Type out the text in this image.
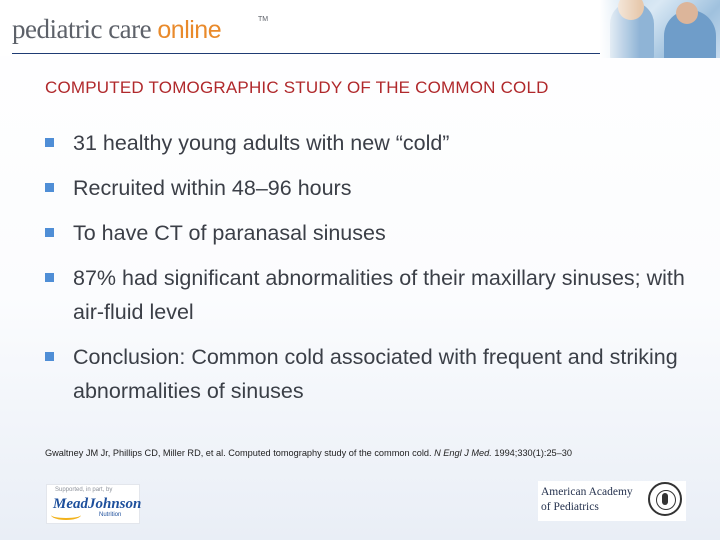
pediatric care online	TM
COMPUTED TOMOGRAPHIC STUDY OF THE COMMON COLD
31 healthy young adults with new “cold”
Recruited within 48–96 hours
To have CT of paranasal sinuses
87% had significant abnormalities of their maxillary sinuses; with air-fluid level
Conclusion: Common cold associated with frequent and striking abnormalities of sinuses
Gwaltney JM Jr, Phillips CD, Miller RD, et al. Computed tomography study of the common cold. N Engl J Med. 1994;330(1):25–30
Supported, in part, by
MeadJohnson
Nutrition
American Academy
of Pediatrics
